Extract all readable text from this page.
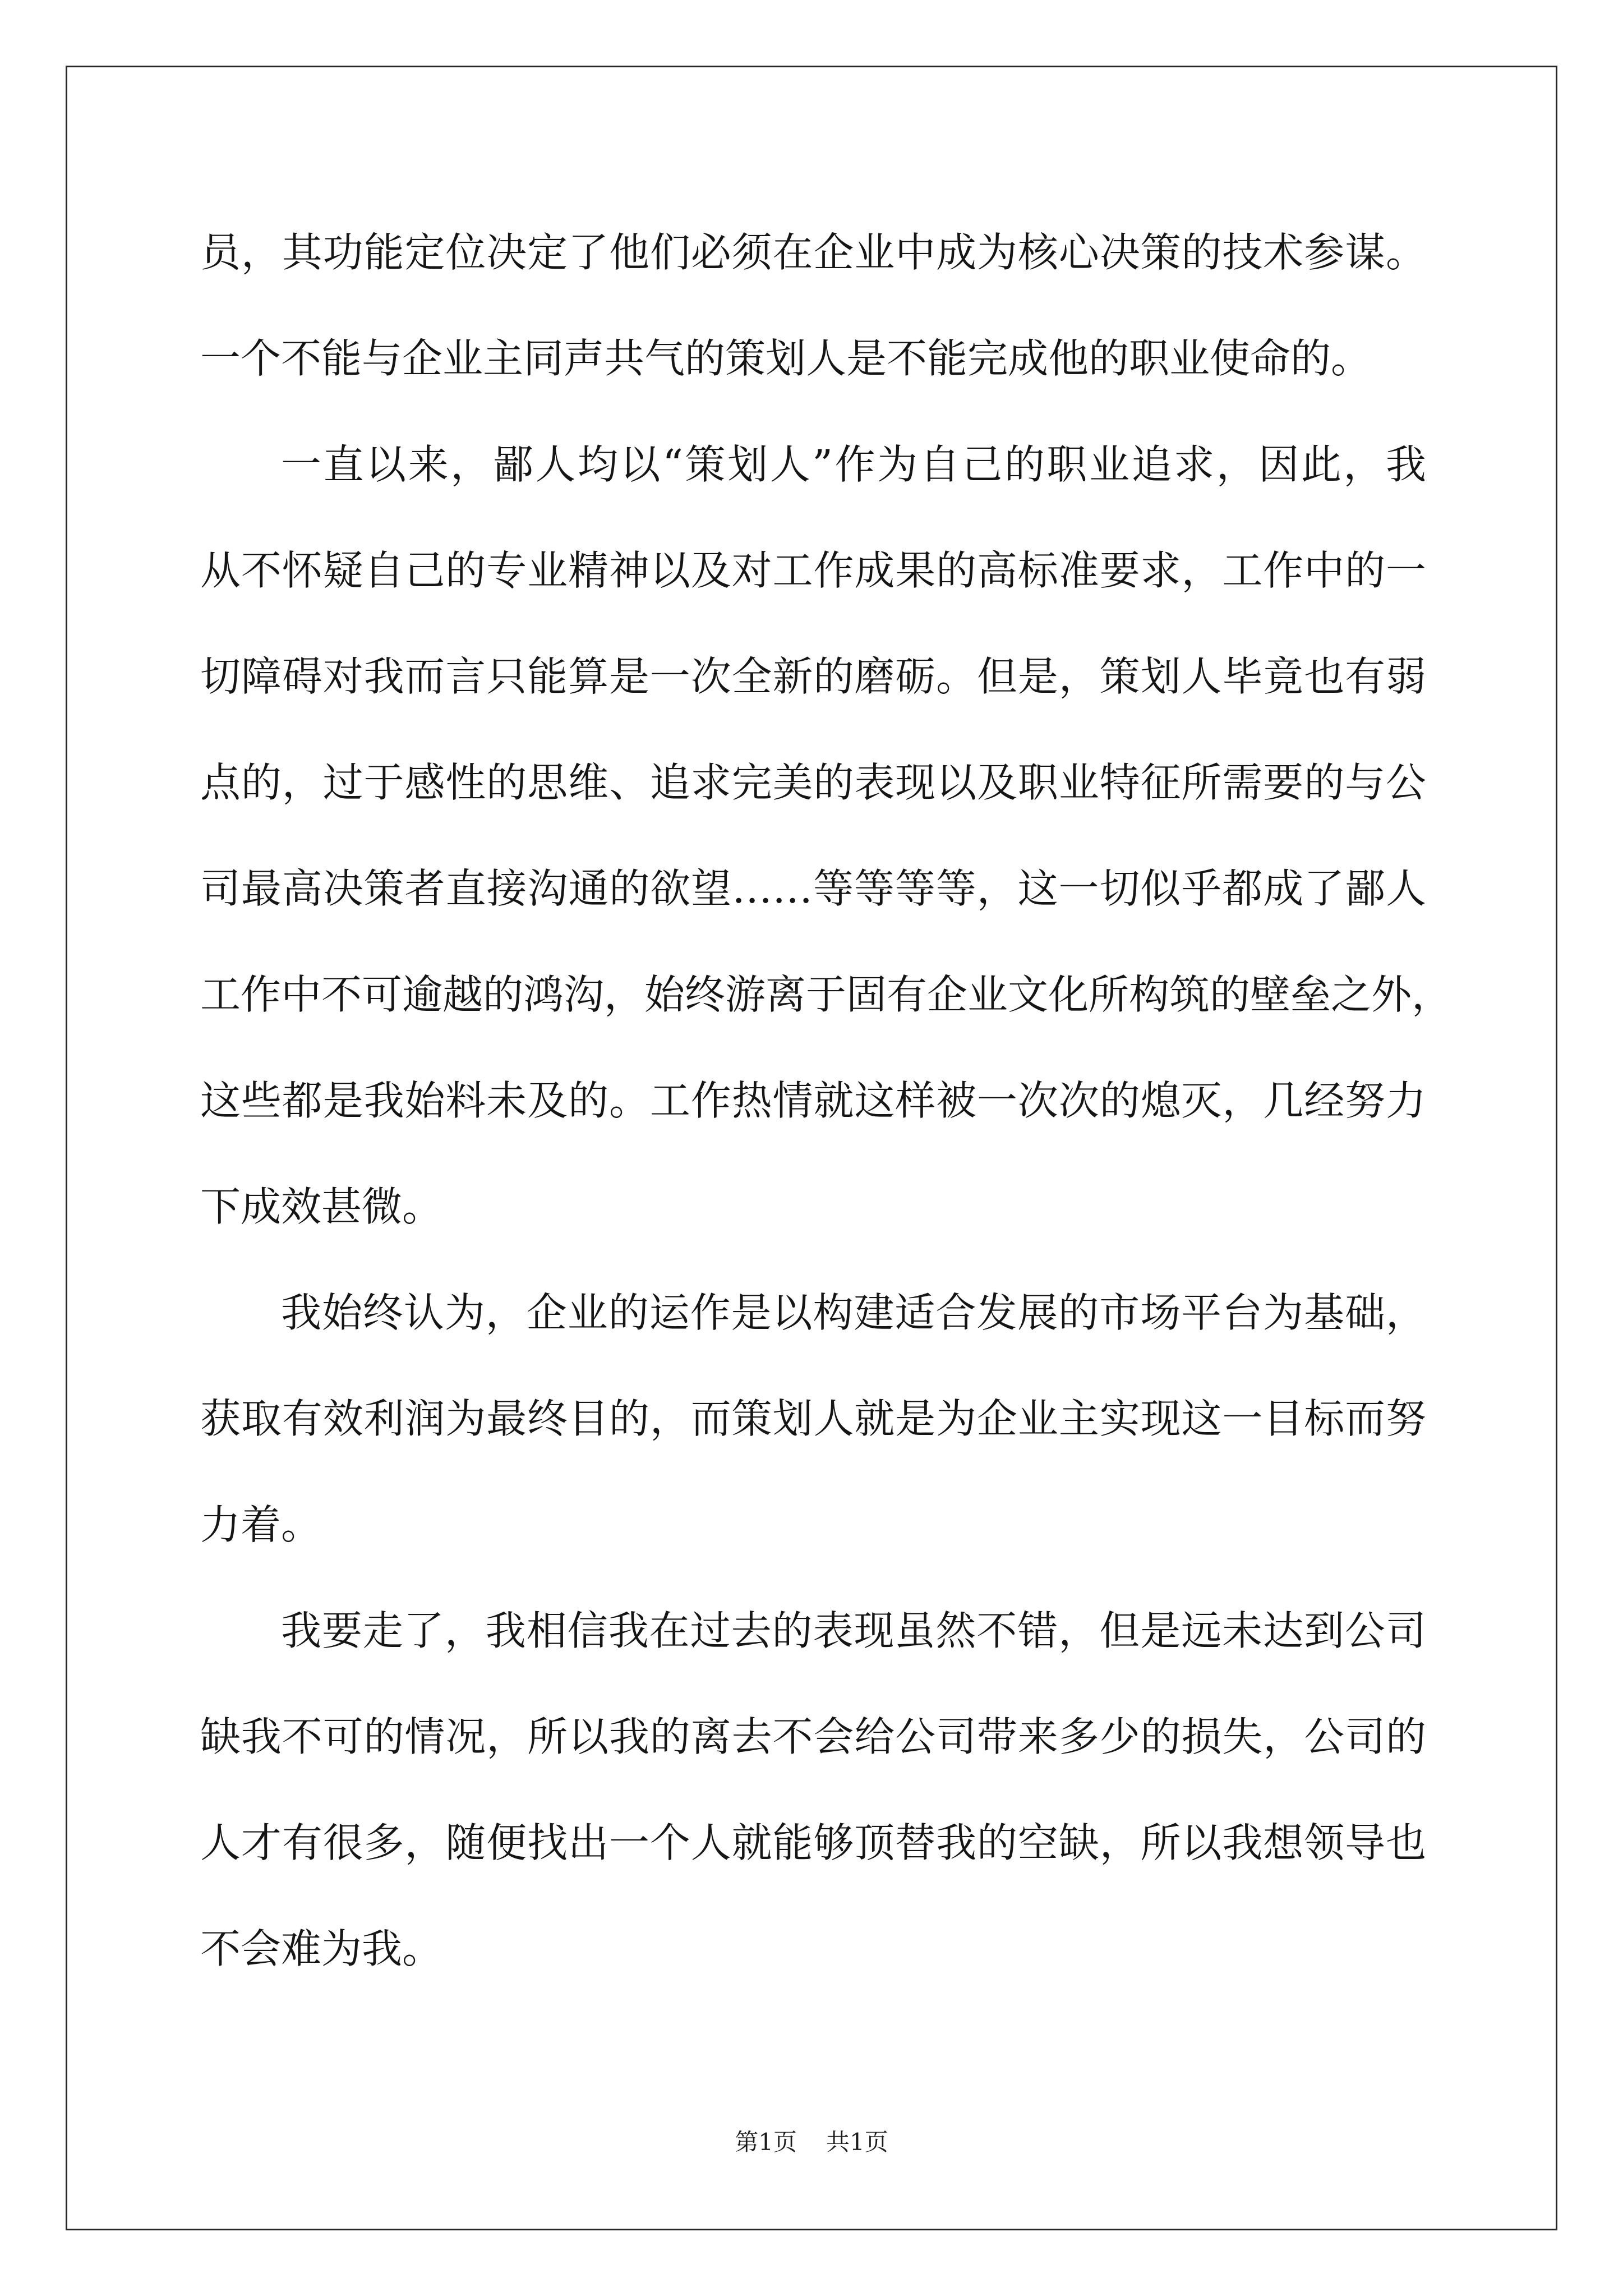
员，其功能定位决定了他们必须在企业中成为核心决策的技术参谋。
一个不能与企业主同声共气的策划人是不能完成他的职业使命的。
一直以来，鄙人均以“策划人”作为自己的职业追求，因此，我
从不怀疑自己的专业精神以及对工作成果的高标准要求，工作中的一
切障碍对我而言只能算是一次全新的磨砺。但是，策划人毕竟也有弱
点的，过于感性的思维、追求完美的表现以及职业特征所需要的与公
司最高决策者直接沟通的欲望……等等等等，这一切似乎都成了鄙人
工作中不可逾越的鸿沟，始终游离于固有企业文化所构筑的壁垒之外，
这些都是我始料未及的。工作热情就这样被一次次的熄灭，几经努力
下成效甚微。
我始终认为，企业的运作是以构建适合发展的市场平台为基础，
获取有效利润为最终目的，而策划人就是为企业主实现这一目标而努
力着。
我要走了，我相信我在过去的表现虽然不错，但是远未达到公司
缺我不可的情况，所以我的离去不会给公司带来多少的损失，公司的
人才有很多，随便找出一个人就能够顶替我的空缺，所以我想领导也
不会难为我。
第1页 共1页
